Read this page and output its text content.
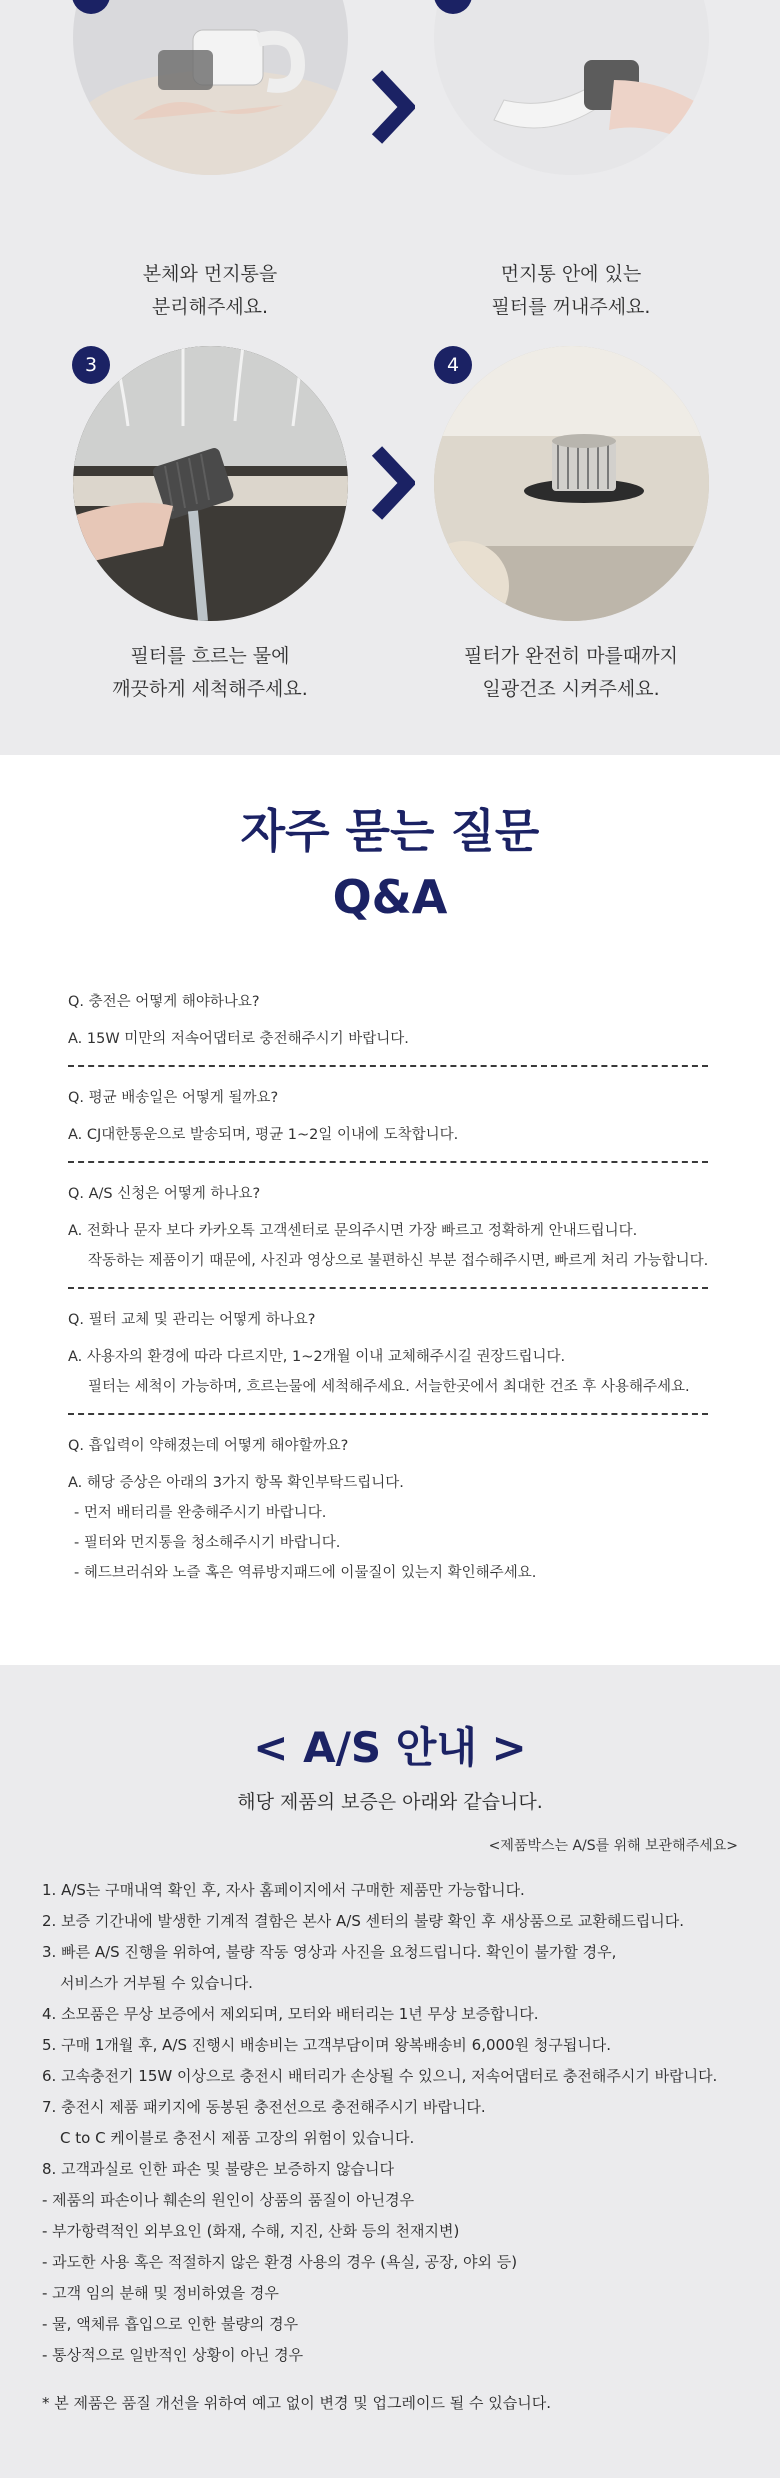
본체와 먼지통을
분리해주세요.
먼지통 안에 있는
필터를 꺼내주세요.
3	4
필터를 흐르는 물에
깨끗하게 세척해주세요.
필터가 완전히 마를때까지
일광건조 시켜주세요.
자주 묻는 질문
Q&A
Q. 충전은 어떻게 해야하나요?
A. 15W 미만의 저속어댑터로 충전해주시기 바랍니다.
Q. 평균 배송일은 어떻게 될까요?
A. CJ대한통운으로 발송되며, 평균 1~2일 이내에 도착합니다.
Q. A/S 신청은 어떻게 하나요?
A. 전화나 문자 보다 카카오톡 고객센터로 문의주시면 가장 빠르고 정확하게 안내드립니다.
작동하는 제품이기 때문에, 사진과 영상으로 불편하신 부분 접수해주시면, 빠르게 처리 가능합니다.
Q. 필터 교체 및 관리는 어떻게 하나요?
A. 사용자의 환경에 따라 다르지만, 1~2개월 이내 교체해주시길 권장드립니다.
필터는 세척이 가능하며, 흐르는물에 세척해주세요. 서늘한곳에서 최대한 건조 후 사용해주세요.
Q. 흡입력이 약해졌는데 어떻게 해야할까요?
A. 해당 증상은 아래의 3가지 항목 확인부탁드립니다.
- 먼저 배터리를 완충해주시기 바랍니다.
- 필터와 먼지통을 청소해주시기 바랍니다.
- 헤드브러쉬와 노즐 혹은 역류방지패드에 이물질이 있는지 확인해주세요.
< A/S 안내 >
해당 제품의 보증은 아래와 같습니다.
<제품박스는 A/S를 위해 보관해주세요>
1. A/S는 구매내역 확인 후, 자사 홈페이지에서 구매한 제품만 가능합니다.
2. 보증 기간내에 발생한 기계적 결함은 본사 A/S 센터의 불량 확인 후 새상품으로 교환해드립니다.
3. 빠른 A/S 진행을 위하여, 불량 작동 영상과 사진을 요청드립니다. 확인이 불가할 경우,
서비스가 거부될 수 있습니다.
4. 소모품은 무상 보증에서 제외되며, 모터와 배터리는 1년 무상 보증합니다.
5. 구매 1개월 후, A/S 진행시 배송비는 고객부담이며 왕복배송비 6,000원 청구됩니다.
6. 고속충전기 15W 이상으로 충전시 배터리가 손상될 수 있으니, 저속어댑터로 충전해주시기 바랍니다.
7. 충전시 제품 패키지에 동봉된 충전선으로 충전해주시기 바랍니다.
C to C 케이블로 충전시 제품 고장의 위험이 있습니다.
8. 고객과실로 인한 파손 및 불량은 보증하지 않습니다
- 제품의 파손이나 훼손의 원인이 상품의 품질이 아닌경우
- 부가항력적인 외부요인 (화재, 수해, 지진, 산화 등의 천재지변)
- 과도한 사용 혹은 적절하지 않은 환경 사용의 경우 (욕실, 공장, 야외 등)
- 고객 임의 분해 및 정비하였을 경우
- 물, 액체류 흡입으로 인한 불량의 경우
- 통상적으로 일반적인 상황이 아닌 경우
* 본 제품은 품질 개선을 위하여 예고 없이 변경 및 업그레이드 될 수 있습니다.
